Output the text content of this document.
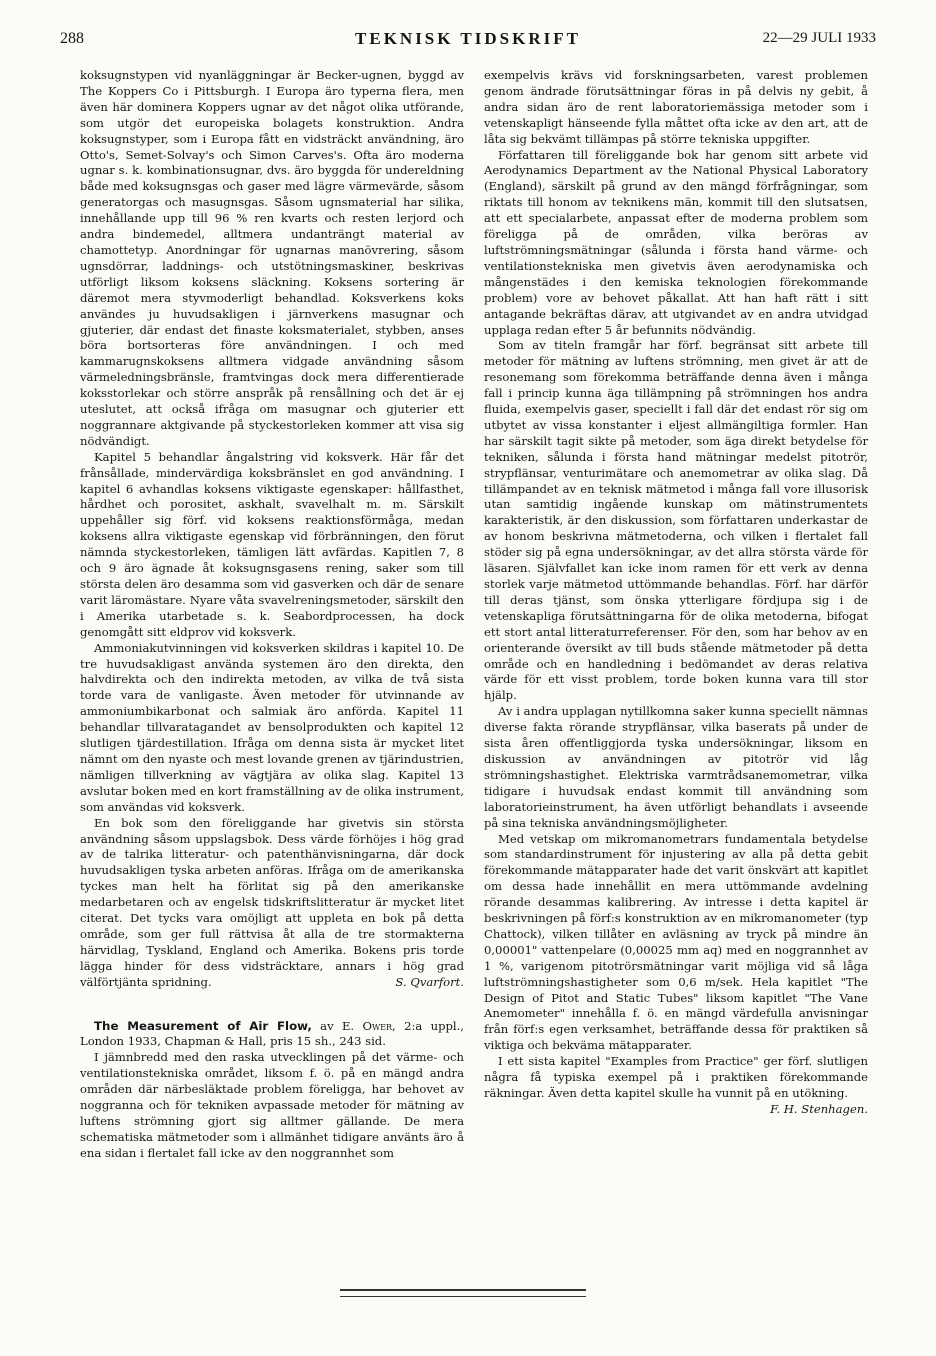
288	TEKNISK TIDSKRIFT	22—29 JULI 1933

koksugnstypen vid nyanläggningar är Becker-ugnen, byggd av The Koppers Co i Pittsburgh. I Europa äro typerna flera, men även här dominera Koppers ugnar av det något olika utförande, som utgör det europeiska bolagets konstruktion. Andra koksugnstyper, som i Europa fått en vidsträckt användning, äro Otto's, Semet-Solvay's och Simon Carves's. Ofta äro moderna ugnar s. k. kombinationsugnar, dvs. äro byggda för undereldning både med koksugnsgas och gaser med lägre värmevärde, såsom generatorgas och masugnsgas. Såsom ugnsmaterial har silika, innehållande upp till 96 % ren kvarts och resten lerjord och andra bindemedel, alltmera undanträngt material av chamottetyp. Anordningar för ugnarnas manövrering, såsom ugnsdörrar, laddnings- och utstötningsmaskiner, beskrivas utförligt liksom koksens släckning. Koksens sortering är däremot mera styvmoderligt behandlad. Koksverkens koks användes ju huvudsakligen i järnverkens masugnar och gjuterier, där endast det finaste koksmaterialet, stybben, anses böra bortsorteras före användningen. I och med kammarugnskoksens alltmera vidgade användning såsom värmeledningsbränsle, framtvingas dock mera differentierade koksstorlekar och större anspråk på rensållning och det är ej uteslutet, att också ifråga om masugnar och gjuterier ett noggrannare aktgivande på styckestorleken kommer att visa sig nödvändigt.

Kapitel 5 behandlar ångalstring vid koksverk. Här får det frånsållade, mindervärdiga koksbränslet en god användning. I kapitel 6 avhandlas koksens viktigaste egenskaper: hållfasthet, hårdhet och porositet, askhalt, svavelhalt m. m. Särskilt uppehåller sig förf. vid koksens reaktionsförmåga, medan koksens allra viktigaste egenskap vid förbränningen, den förut nämnda styckestorleken, tämligen lätt avfärdas. Kapitlen 7, 8 och 9 äro ägnade åt koksugnsgasens rening, saker som till största delen äro desamma som vid gasverken och där de senare varit läromästare. Nyare våta svavelreningsmetoder, särskilt den i Amerika utarbetade s. k. Seabordprocessen, ha dock genomgått sitt eldprov vid koksverk.

Ammoniakutvinningen vid koksverken skildras i kapitel 10. De tre huvudsakligast använda systemen äro den direkta, den halvdirekta och den indirekta metoden, av vilka de två sista torde vara de vanligaste. Även metoder för utvinnande av ammoniumbikarbonat och salmiak äro anförda. Kapitel 11 behandlar tillvaratagandet av bensolprodukten och kapitel 12 slutligen tjärdestillation. Ifråga om denna sista är mycket litet nämnt om den nyaste och mest lovande grenen av tjärindustrien, nämligen tillverkning av vägtjära av olika slag. Kapitel 13 avslutar boken med en kort framställning av de olika instrument, som användas vid koksverk.

En bok som den föreliggande har givetvis sin största användning såsom uppslagsbok. Dess värde förhöjes i hög grad av de talrika litteratur- och patenthänvisningarna, där dock huvudsakligen tyska arbeten anföras. Ifråga om de amerikanska tyckes man helt ha förlitat sig på den amerikanske medarbetaren och av engelsk tidskriftslitteratur är mycket litet citerat. Det tycks vara omöjligt att uppleta en bok på detta område, som ger full rättvisa åt alla de tre stormakterna härvidlag, Tyskland, England och Amerika. Bokens pris torde lägga hinder för dess vidsträcktare, annars i hög grad välförtjänta spridning.	S. Qvarfort.

The Measurement of Air Flow, av E. Ower, 2:a uppl., London 1933, Chapman & Hall, pris 15 sh., 243 sid.

I jämnbredd med den raska utvecklingen på det värme- och ventilationstekniska området, liksom f. ö. på en mängd andra områden där närbesläktade problem föreligga, har behovet av noggranna och för tekniken avpassade metoder för mätning av luftens strömning gjort sig alltmer gällande. De mera schematiska mätmetoder som i allmänhet tidigare använts äro å ena sidan i flertalet fall icke av den noggrannhet som

exempelvis krävs vid forskningsarbeten, varest problemen genom ändrade förutsättningar föras in på delvis ny gebit, å andra sidan äro de rent laboratoriemässiga metoder som i vetenskapligt hänseende fylla måttet ofta icke av den art, att de låta sig bekvämt tillämpas på större tekniska uppgifter.

Författaren till föreliggande bok har genom sitt arbete vid Aerodynamics Department av the National Physical Laboratory (England), särskilt på grund av den mängd förfrågningar, som riktats till honom av teknikens män, kommit till den slutsatsen, att ett specialarbete, anpassat efter de moderna problem som föreligga på de områden, vilka beröras av luftströmningsmätningar (sålunda i första hand värme- och ventilationstekniska men givetvis även aerodynamiska och mångenstädes i den kemiska teknologien förekommande problem) vore av behovet påkallat. Att han haft rätt i sitt antagande bekräftas därav, att utgivandet av en andra utvidgad upplaga redan efter 5 år befunnits nödvändig.

Som av titeln framgår har förf. begränsat sitt arbete till metoder för mätning av luftens strömning, men givet är att de resonemang som förekomma beträffande denna även i många fall i princip kunna äga tillämpning på strömningen hos andra fluida, exempelvis gaser, speciellt i fall där det endast rör sig om utbytet av vissa konstanter i eljest allmängiltiga formler. Han har särskilt tagit sikte på metoder, som äga direkt betydelse för tekniken, sålunda i första hand mätningar medelst pitotrör, strypflänsar, venturimätare och anemometrar av olika slag. Då tillämpandet av en teknisk mätmetod i många fall vore illusorisk utan samtidig ingående kunskap om mätinstrumentets karakteristik, är den diskussion, som författaren underkastar de av honom beskrivna mätmetoderna, och vilken i flertalet fall stöder sig på egna undersökningar, av det allra största värde för läsaren. Självfallet kan icke inom ramen för ett verk av denna storlek varje mätmetod uttömmande behandlas. Förf. har därför till deras tjänst, som önska ytterligare fördjupa sig i de vetenskapliga förutsättningarna för de olika metoderna, bifogat ett stort antal litteraturreferenser. För den, som har behov av en orienterande översikt av till buds stående mätmetoder på detta område och en handledning i bedömandet av deras relativa värde för ett visst problem, torde boken kunna vara till stor hjälp.

Av i andra upplagan nytillkomna saker kunna speciellt nämnas diverse fakta rörande strypflänsar, vilka baserats på under de sista åren offentliggjorda tyska undersökningar, liksom en diskussion av användningen av pitotrör vid låg strömningshastighet. Elektriska varmtrådsanemometrar, vilka tidigare i huvudsak endast kommit till användning som laboratorieinstrument, ha även utförligt behandlats i avseende på sina tekniska användningsmöjligheter.

Med vetskap om mikromanometrars fundamentala betydelse som standardinstrument för injustering av alla på detta gebit förekommande mätapparater hade det varit önskvärt att kapitlet om dessa hade innehållit en mera uttömmande avdelning rörande desammas kalibrering. Av intresse i detta kapitel är beskrivningen på förf:s konstruktion av en mikromanometer (typ Chattock), vilken tillåter en avläsning av tryck på mindre än 0,00001" vattenpelare (0,00025 mm aq) med en noggrannhet av 1 %, varigenom pitotrörsmätningar varit möjliga vid så låga luftströmningshastigheter som 0,6 m/sek. Hela kapitlet "The Design of Pitot and Static Tubes" liksom kapitlet "The Vane Anemometer" innehålla f. ö. en mängd värdefulla anvisningar från förf:s egen verksamhet, beträffande dessa för praktiken så viktiga och bekväma mätapparater.

I ett sista kapitel "Examples from Practice" ger förf. slutligen några få typiska exempel på i praktiken förekommande räkningar. Även detta kapitel skulle ha vunnit på en utökning.
F. H. Stenhagen.
